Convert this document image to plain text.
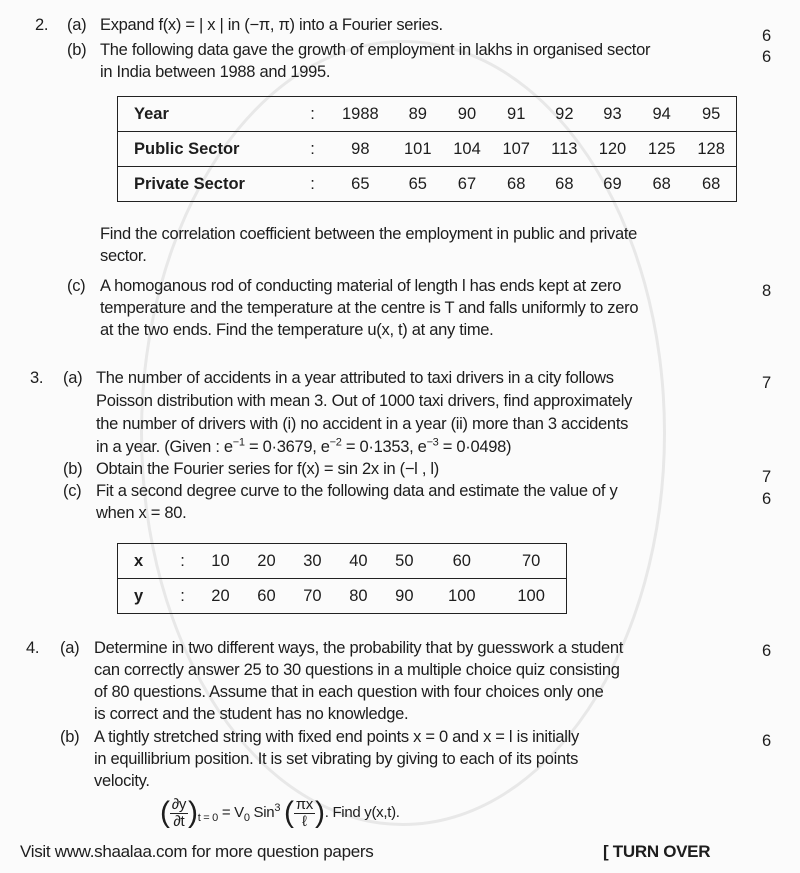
2. (a) Expand f(x) = | x | in (−π, π) into a Fourier series.
6
(b) The following data gave the growth of employment in lakhs in organised sector
in India between 1988 and 1995.
6
Year	:	1988	89	90	91	92	93	94	95
Public Sector	:	98	101	104	107	113	120	125	128
Private Sector	:	65	65	67	68	68	69	68	68
Find the correlation coefficient between the employment in public and private
sector.
(c) A homoganous rod of conducting material of length l has ends kept at zero
temperature and the temperature at the centre is T and falls uniformly to zero
at the two ends. Find the temperature u(x, t) at any time.
8
3. (a) The number of accidents in a year attributed to taxi drivers in a city follows
Poisson distribution with mean 3. Out of 1000 taxi drivers, find approximately
the number of drivers with (i) no accident in a year (ii) more than 3 accidents
in a year. (Given : $e^{-1} = 0\cdot 3679$, $e^{-2} = 0\cdot 1353$, $e^{-3} = 0\cdot 0498$)
7
(b) Obtain the Fourier series for f(x) = sin 2x in (−l , l)	7
(c) Fit a second degree curve to the following data and estimate the value of y
when x = 80.
6
x	:	10	20	30	40	50	60	70
y	:	20	60	70	80	90	100	100
4. (a) Determine in two different ways, the probability that by guesswork a student
can correctly answer 25 to 30 questions in a multiple choice quiz consisting
of 80 questions. Assume that in each question with four choices only one
is correct and the student has no knowledge.
6
(b) A tightly stretched string with fixed end points x = 0 and x = l is initially
in equillibrium position. It is set vibrating by giving to each of its points
velocity.
6
( $\frac{\partial y}{\partial t})_{t = 0} = V_0$ Sin$^3$ ( $\frac{\pi x}{\text{ℓ}}$). Find y(x,t).
Visit www.shaalaa.com for more question papers	[ TURN OVER
